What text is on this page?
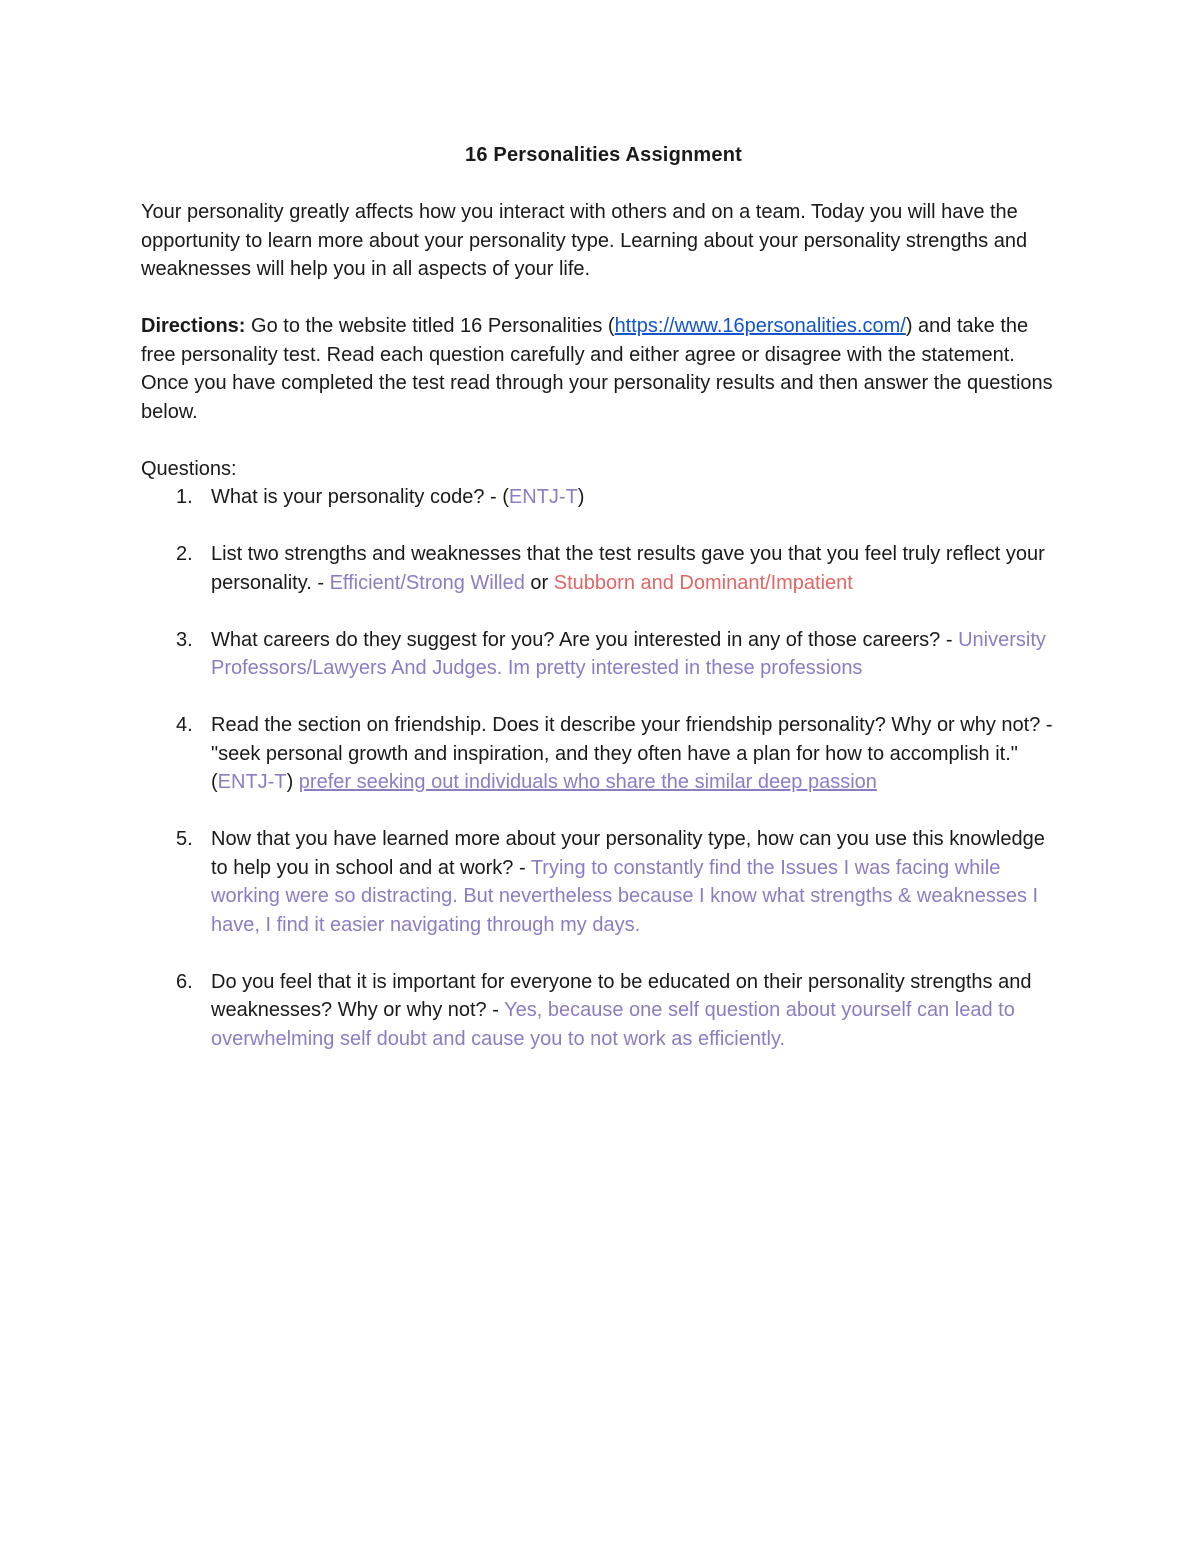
16 Personalities Assignment

Your personality greatly affects how you interact with others and on a team. Today you will have the opportunity to learn more about your personality type. Learning about your personality strengths and weaknesses will help you in all aspects of your life.

Directions: Go to the website titled 16 Personalities (https://www.16personalities.com/) and take the free personality test. Read each question carefully and either agree or disagree with the statement. Once you have completed the test read through your personality results and then answer the questions below.

Questions:

1. What is your personality code? - (ENTJ-T)
2. List two strengths and weaknesses that the test results gave you that you feel truly reflect your personality. - Efficient/Strong Willed or Stubborn and Dominant/Impatient
3. What careers do they suggest for you? Are you interested in any of those careers? - University Professors/Lawyers And Judges. Im pretty interested in these professions
4. Read the section on friendship. Does it describe your friendship personality? Why or why not? - "seek personal growth and inspiration, and they often have a plan for how to accomplish it." (ENTJ-T) prefer seeking out individuals who share the similar deep passion
5. Now that you have learned more about your personality type, how can you use this knowledge to help you in school and at work? - Trying to constantly find the Issues I was facing while working were so distracting. But nevertheless because I know what strengths & weaknesses I have, I find it easier navigating through my days.
6. Do you feel that it is important for everyone to be educated on their personality strengths and weaknesses? Why or why not? - Yes, because one self question about yourself can lead to overwhelming self doubt and cause you to not work as efficiently.
